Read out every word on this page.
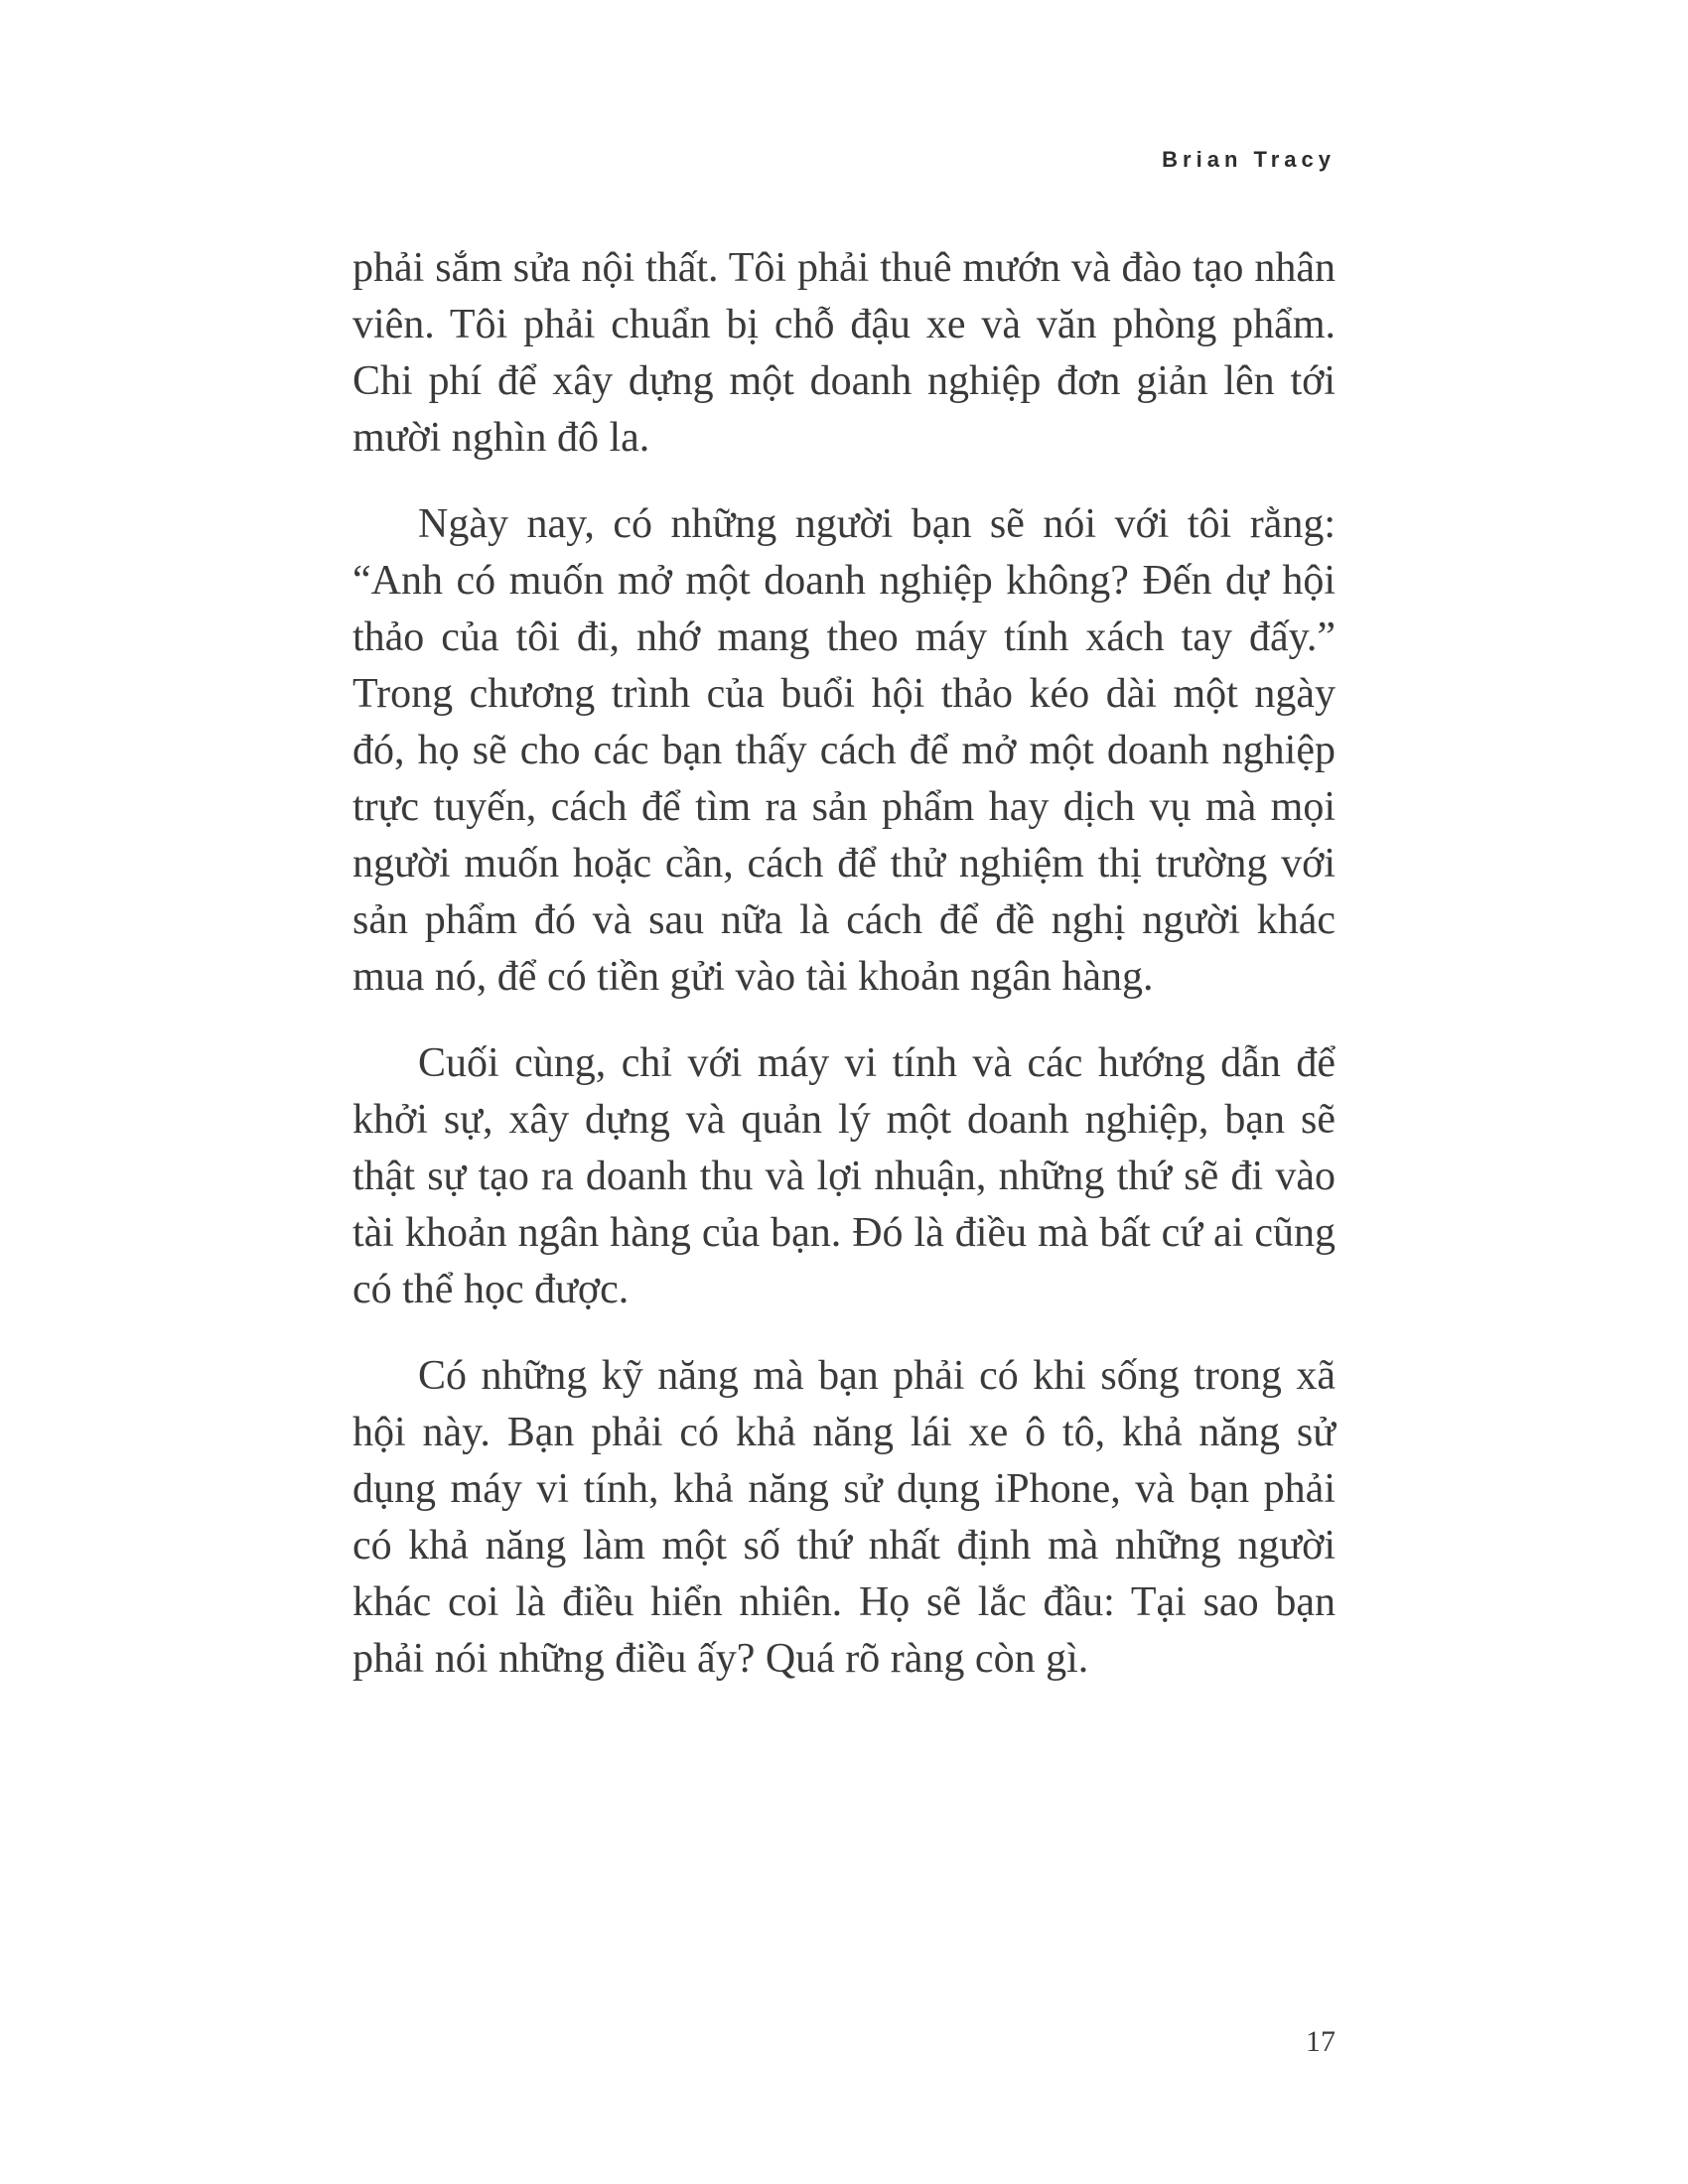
Brian Tracy

phải sắm sửa nội thất. Tôi phải thuê mướn và đào tạo nhân viên. Tôi phải chuẩn bị chỗ đậu xe và văn phòng phẩm. Chi phí để xây dựng một doanh nghiệp đơn giản lên tới mười nghìn đô la.

Ngày nay, có những người bạn sẽ nói với tôi rằng: “Anh có muốn mở một doanh nghiệp không? Đến dự hội thảo của tôi đi, nhớ mang theo máy tính xách tay đấy.” Trong chương trình của buổi hội thảo kéo dài một ngày đó, họ sẽ cho các bạn thấy cách để mở một doanh nghiệp trực tuyến, cách để tìm ra sản phẩm hay dịch vụ mà mọi người muốn hoặc cần, cách để thử nghiệm thị trường với sản phẩm đó và sau nữa là cách để đề nghị người khác mua nó, để có tiền gửi vào tài khoản ngân hàng.

Cuối cùng, chỉ với máy vi tính và các hướng dẫn để khởi sự, xây dựng và quản lý một doanh nghiệp, bạn sẽ thật sự tạo ra doanh thu và lợi nhuận, những thứ sẽ đi vào tài khoản ngân hàng của bạn. Đó là điều mà bất cứ ai cũng có thể học được.

Có những kỹ năng mà bạn phải có khi sống trong xã hội này. Bạn phải có khả năng lái xe ô tô, khả năng sử dụng máy vi tính, khả năng sử dụng iPhone, và bạn phải có khả năng làm một số thứ nhất định mà những người khác coi là điều hiển nhiên. Họ sẽ lắc đầu: Tại sao bạn phải nói những điều ấy? Quá rõ ràng còn gì.

17
